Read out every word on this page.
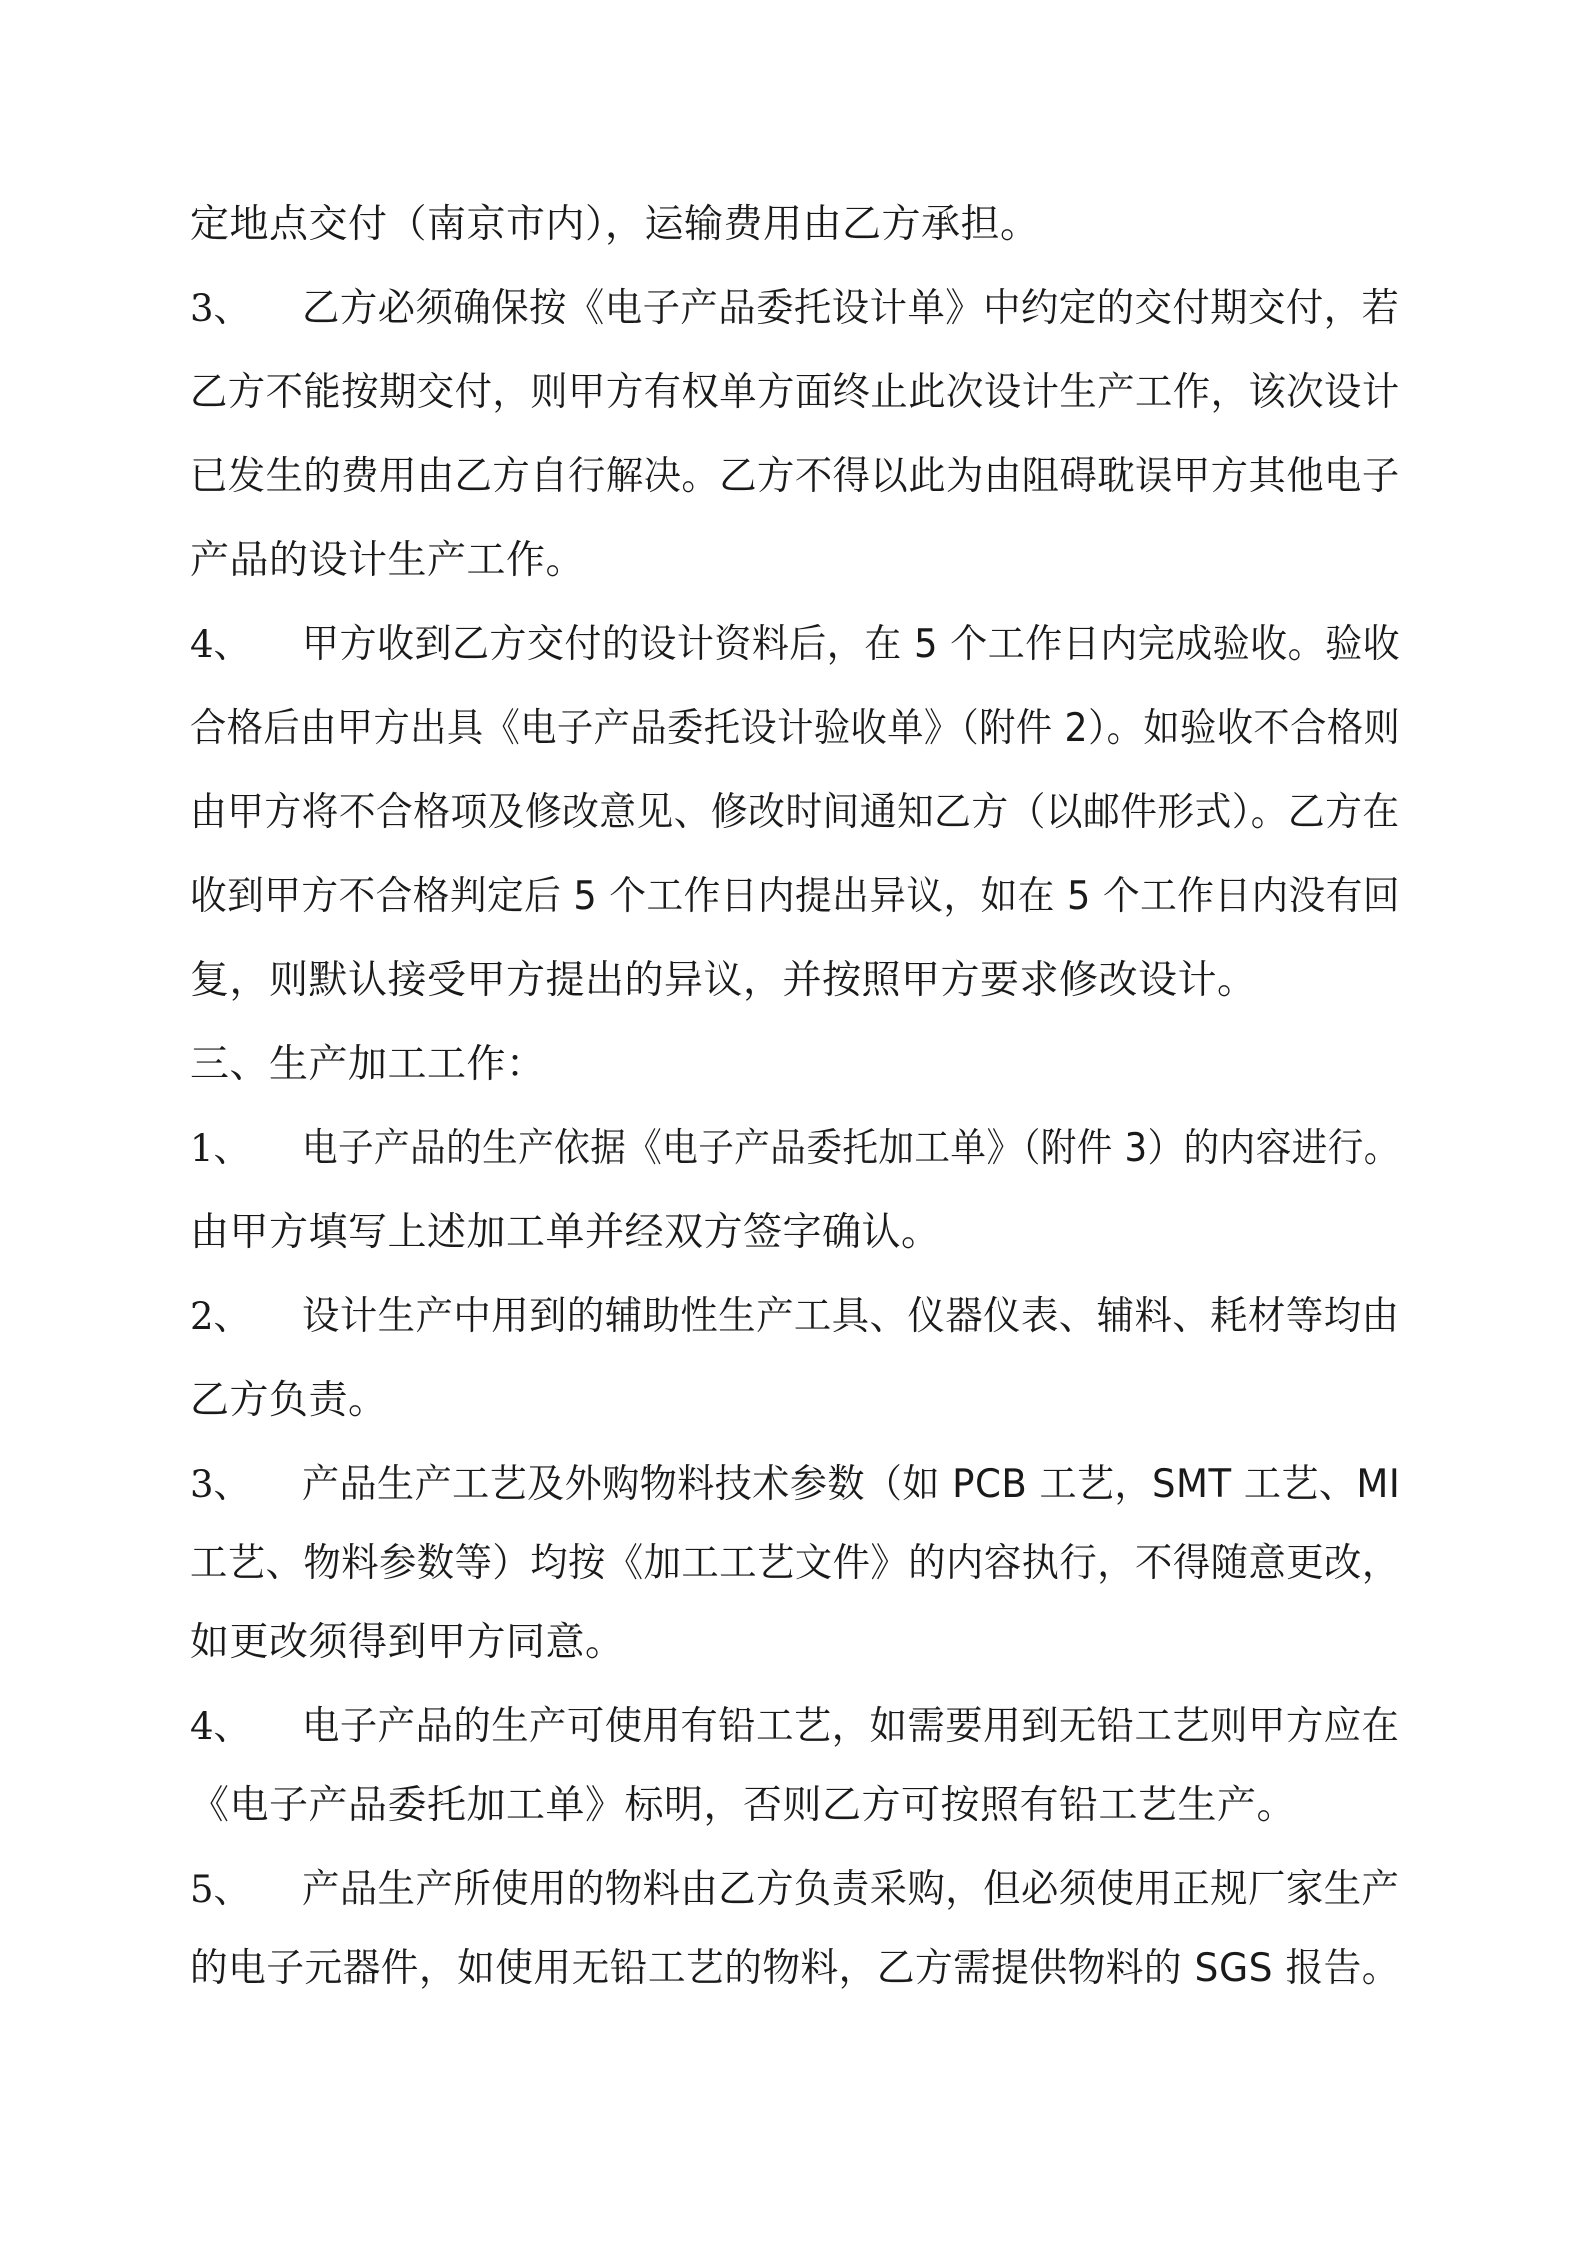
定地点交付（南京市内），运输费用由乙方承担。
3、 乙方必须确保按《电子产品委托设计单》中约定的交付期交付，若
乙方不能按期交付，则甲方有权单方面终止此次设计生产工作，该次设计
已发生的费用由乙方自行解决。乙方不得以此为由阻碍耽误甲方其他电子
产品的设计生产工作。
4、 甲方收到乙方交付的设计资料后，在 5 个工作日内完成验收。验收
合格后由甲方出具《电子产品委托设计验收单》（附件 2）。如验收不合格则
由甲方将不合格项及修改意见、修改时间通知乙方（以邮件形式）。乙方在
收到甲方不合格判定后 5 个工作日内提出异议，如在 5 个工作日内没有回
复，则默认接受甲方提出的异议，并按照甲方要求修改设计。
三、生产加工工作：
1、 电子产品的生产依据《电子产品委托加工单》（附件 3）的内容进行。
由甲方填写上述加工单并经双方签字确认。
2、 设计生产中用到的辅助性生产工具、仪器仪表、辅料、耗材等均由
乙方负责。
3、 产品生产工艺及外购物料技术参数（如 PCB 工艺，SMT 工艺、MI
工艺、物料参数等）均按《加工工艺文件》的内容执行，不得随意更改，
如更改须得到甲方同意。
4、 电子产品的生产可使用有铅工艺，如需要用到无铅工艺则甲方应在
《电子产品委托加工单》标明，否则乙方可按照有铅工艺生产。
5、 产品生产所使用的物料由乙方负责采购，但必须使用正规厂家生产
的电子元器件，如使用无铅工艺的物料，乙方需提供物料的 SGS 报告。
